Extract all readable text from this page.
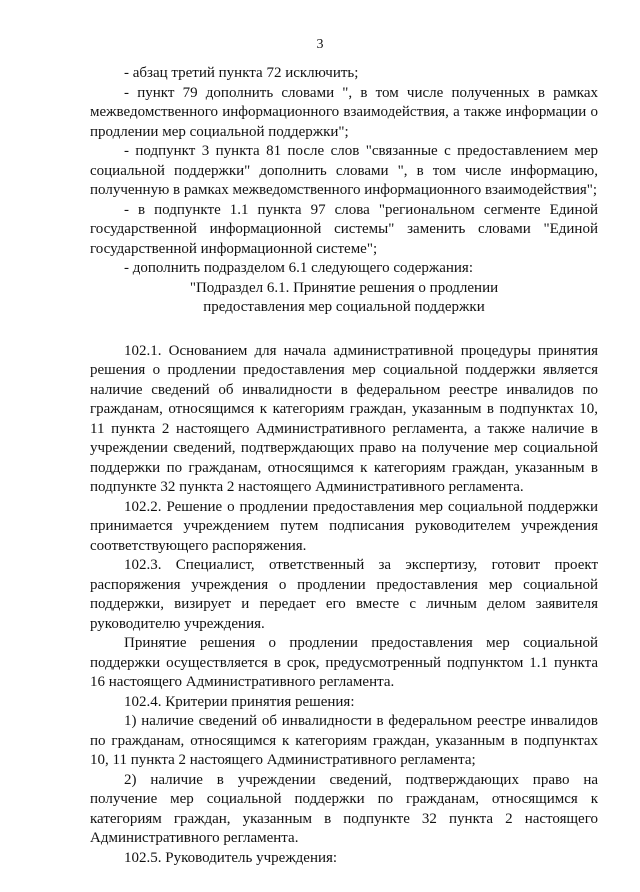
3

- абзац третий пункта 72 исключить;

- пункт 79 дополнить словами ", в том числе полученных в рамках межведомственного информационного взаимодействия, а также информации о продлении мер социальной поддержки";

- подпункт 3 пункта 81 после слов "связанные с предоставлением мер социальной поддержки" дополнить словами ", в том числе информацию, полученную в рамках межведомственного информационного взаимодействия";

- в подпункте 1.1 пункта 97 слова "региональном сегменте Единой государственной информационной системы" заменить словами "Единой государственной информационной системе";

- дополнить подразделом 6.1 следующего содержания:

"Подраздел 6.1. Принятие решения о продлении

предоставления мер социальной поддержки

102.1. Основанием для начала административной процедуры принятия решения о продлении предоставления мер социальной поддержки является наличие сведений об инвалидности в федеральном реестре инвалидов по гражданам, относящимся к категориям граждан, указанным в подпунктах 10, 11 пункта 2 настоящего Административного регламента, а также наличие в учреждении сведений, подтверждающих право на получение мер социальной поддержки по гражданам, относящимся к категориям граждан, указанным в подпункте 32 пункта 2 настоящего Административного регламента.

102.2. Решение о продлении предоставления мер социальной поддержки принимается учреждением путем подписания руководителем учреждения соответствующего распоряжения.

102.3. Специалист, ответственный за экспертизу, готовит проект распоряжения учреждения о продлении предоставления мер социальной поддержки, визирует и передает его вместе с личным делом заявителя руководителю учреждения.

Принятие решения о продлении предоставления мер социальной поддержки осуществляется в срок, предусмотренный подпунктом 1.1 пункта 16 настоящего Административного регламента.

102.4. Критерии принятия решения:

1) наличие сведений об инвалидности в федеральном реестре инвалидов по гражданам, относящимся к категориям граждан, указанным в подпунктах 10, 11 пункта 2 настоящего Административного регламента;

2) наличие в учреждении сведений, подтверждающих право на получение мер социальной поддержки по гражданам, относящимся к категориям граждан, указанным в подпункте 32 пункта 2 настоящего Административного регламента.

102.5. Руководитель учреждения:
